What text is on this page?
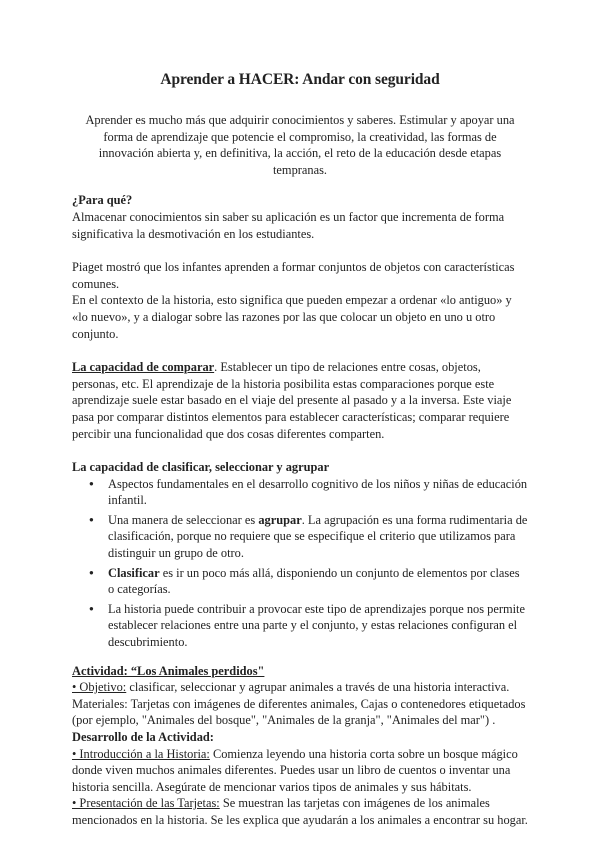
Aprender a HACER: Andar con seguridad

Aprender es mucho más que adquirir conocimientos y saberes. Estimular y apoyar una forma de aprendizaje que potencie el compromiso, la creatividad, las formas de innovación abierta y, en definitiva, la acción, el reto de la educación desde etapas tempranas.

¿Para qué?

Almacenar conocimientos sin saber su aplicación es un factor que incrementa de forma significativa la desmotivación en los estudiantes.

Piaget mostró que los infantes aprenden a formar conjuntos de objetos con características comunes.

En el contexto de la historia, esto significa que pueden empezar a ordenar «lo antiguo» y «lo nuevo», y a dialogar sobre las razones por las que colocar un objeto en uno u otro conjunto.

La capacidad de comparar. Establecer un tipo de relaciones entre cosas, objetos, personas, etc. El aprendizaje de la historia posibilita estas comparaciones porque este aprendizaje suele estar basado en el viaje del presente al pasado y a la inversa. Este viaje pasa por comparar distintos elementos para establecer características; comparar requiere percibir una funcionalidad que dos cosas diferentes comparten.

La capacidad de clasificar, seleccionar y agrupar

● Aspectos fundamentales en el desarrollo cognitivo de los niños y niñas de educación infantil.
● Una manera de seleccionar es agrupar. La agrupación es una forma rudimentaria de clasificación, porque no requiere que se especifique el criterio que utilizamos para distinguir un grupo de otro.
● Clasificar es ir un poco más allá, disponiendo un conjunto de elementos por clases o categorías.
● La historia puede contribuir a provocar este tipo de aprendizajes porque nos permite establecer relaciones entre una parte y el conjunto, y estas relaciones configuran el descubrimiento.

Actividad: “Los Animales perdidos"

• Objetivo: clasificar, seleccionar y agrupar animales a través de una historia interactiva.

Materiales: Tarjetas con imágenes de diferentes animales, Cajas o contenedores etiquetados (por ejemplo, "Animales del bosque", "Animales de la granja", "Animales del mar") .

Desarrollo de la Actividad:

• Introducción a la Historia: Comienza leyendo una historia corta sobre un bosque mágico donde viven muchos animales diferentes. Puedes usar un libro de cuentos o inventar una historia sencilla. Asegúrate de mencionar varios tipos de animales y sus hábitats.

• Presentación de las Tarjetas: Se muestran las tarjetas con imágenes de los animales mencionados en la historia. Se les explica que ayudarán a los animales a encontrar su hogar.
